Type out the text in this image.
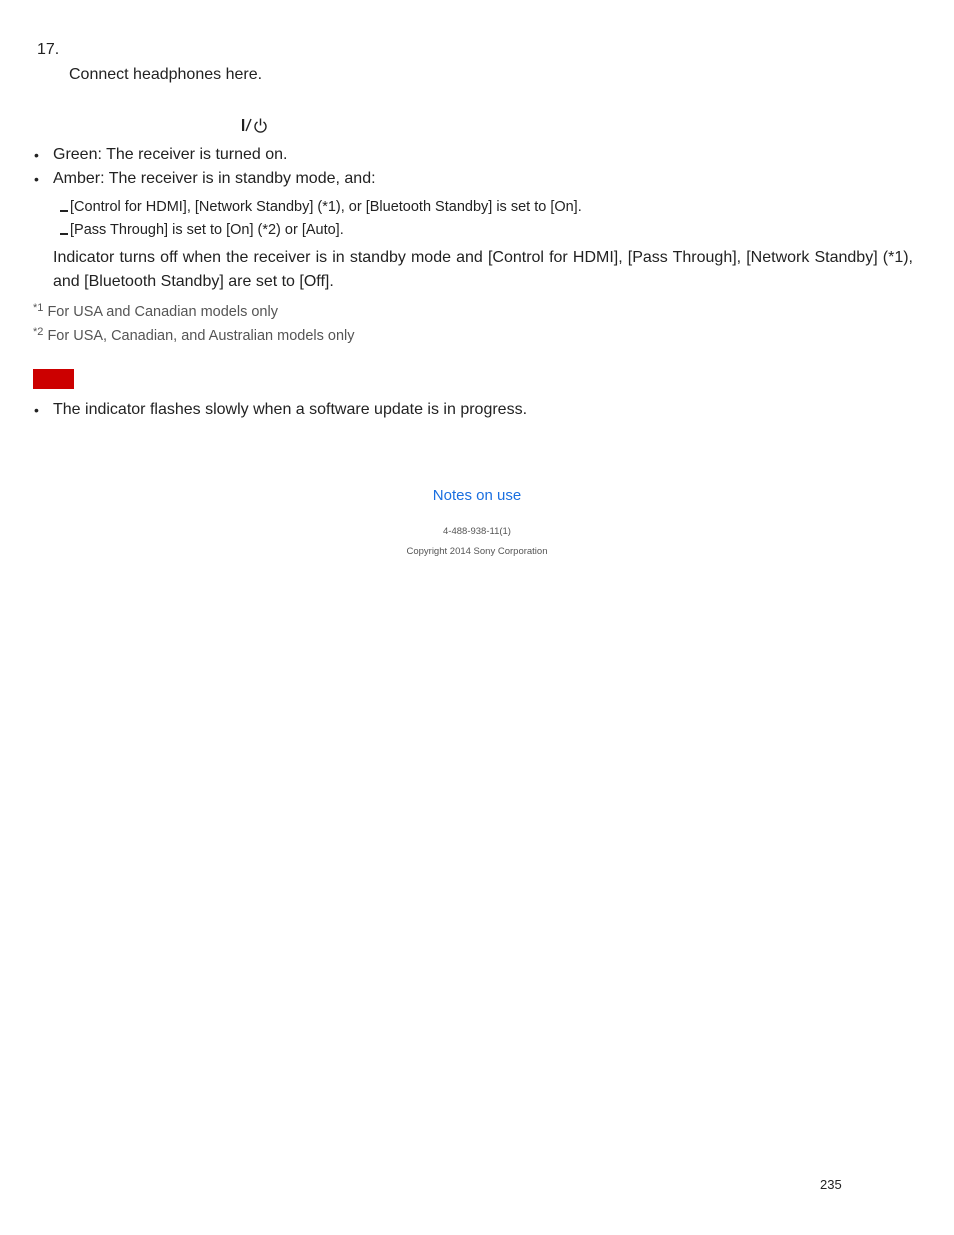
17.
Connect headphones here.
• Green: The receiver is turned on.
• Amber: The receiver is in standby mode, and:
[Control for HDMI], [Network Standby] (*1), or [Bluetooth Standby] is set to [On].
[Pass Through] is set to [On] (*2) or [Auto].
Indicator turns off when the receiver is in standby mode and [Control for HDMI], [Pass Through], [Network Standby] (*1), and [Bluetooth Standby] are set to [Off].
$^{*1}$ For USA and Canadian models only
$^{*2}$ For USA, Canadian, and Australian models only
• The indicator flashes slowly when a software update is in progress.
Notes on use
4-488-938-11(1)
Copyright 2014 Sony Corporation
235
